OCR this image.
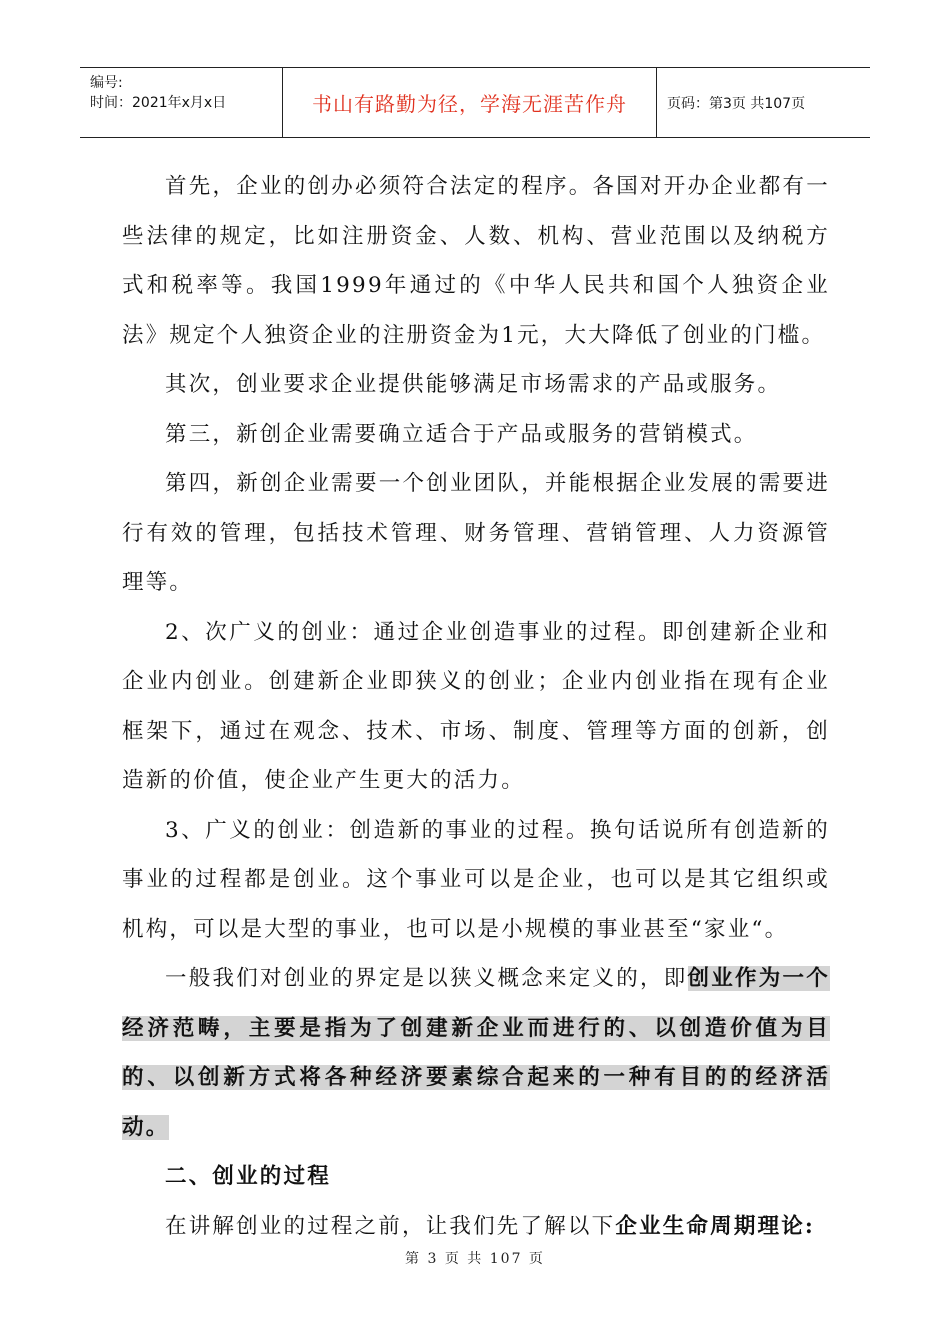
编号:
时间：2021年x月x日	书山有路勤为径，学海无涯苦作舟	页码：第3页 共107页

首先，企业的创办必须符合法定的程序。各国对开办企业都有一些法律的规定，比如注册资金、人数、机构、营业范围以及纳税方式和税率等。我国1999年通过的《中华人民共和国个人独资企业法》规定个人独资企业的注册资金为1元，大大降低了创业的门槛。

其次，创业要求企业提供能够满足市场需求的产品或服务。

第三，新创企业需要确立适合于产品或服务的营销模式。

第四，新创企业需要一个创业团队，并能根据企业发展的需要进行有效的管理，包括技术管理、财务管理、营销管理、人力资源管理等。

2、次广义的创业：通过企业创造事业的过程。即创建新企业和企业内创业。创建新企业即狭义的创业；企业内创业指在现有企业框架下，通过在观念、技术、市场、制度、管理等方面的创新，创造新的价值，使企业产生更大的活力。

3、广义的创业：创造新的事业的过程。换句话说所有创造新的事业的过程都是创业。这个事业可以是企业，也可以是其它组织或机构，可以是大型的事业，也可以是小规模的事业甚至“家业“。

一般我们对创业的界定是以狭义概念来定义的，即创业作为一个经济范畴，主要是指为了创建新企业而进行的、以创造价值为目的、以创新方式将各种经济要素综合起来的一种有目的的经济活动。

二、创业的过程

在讲解创业的过程之前，让我们先了解以下企业生命周期理论:

第 3 页 共 107 页
